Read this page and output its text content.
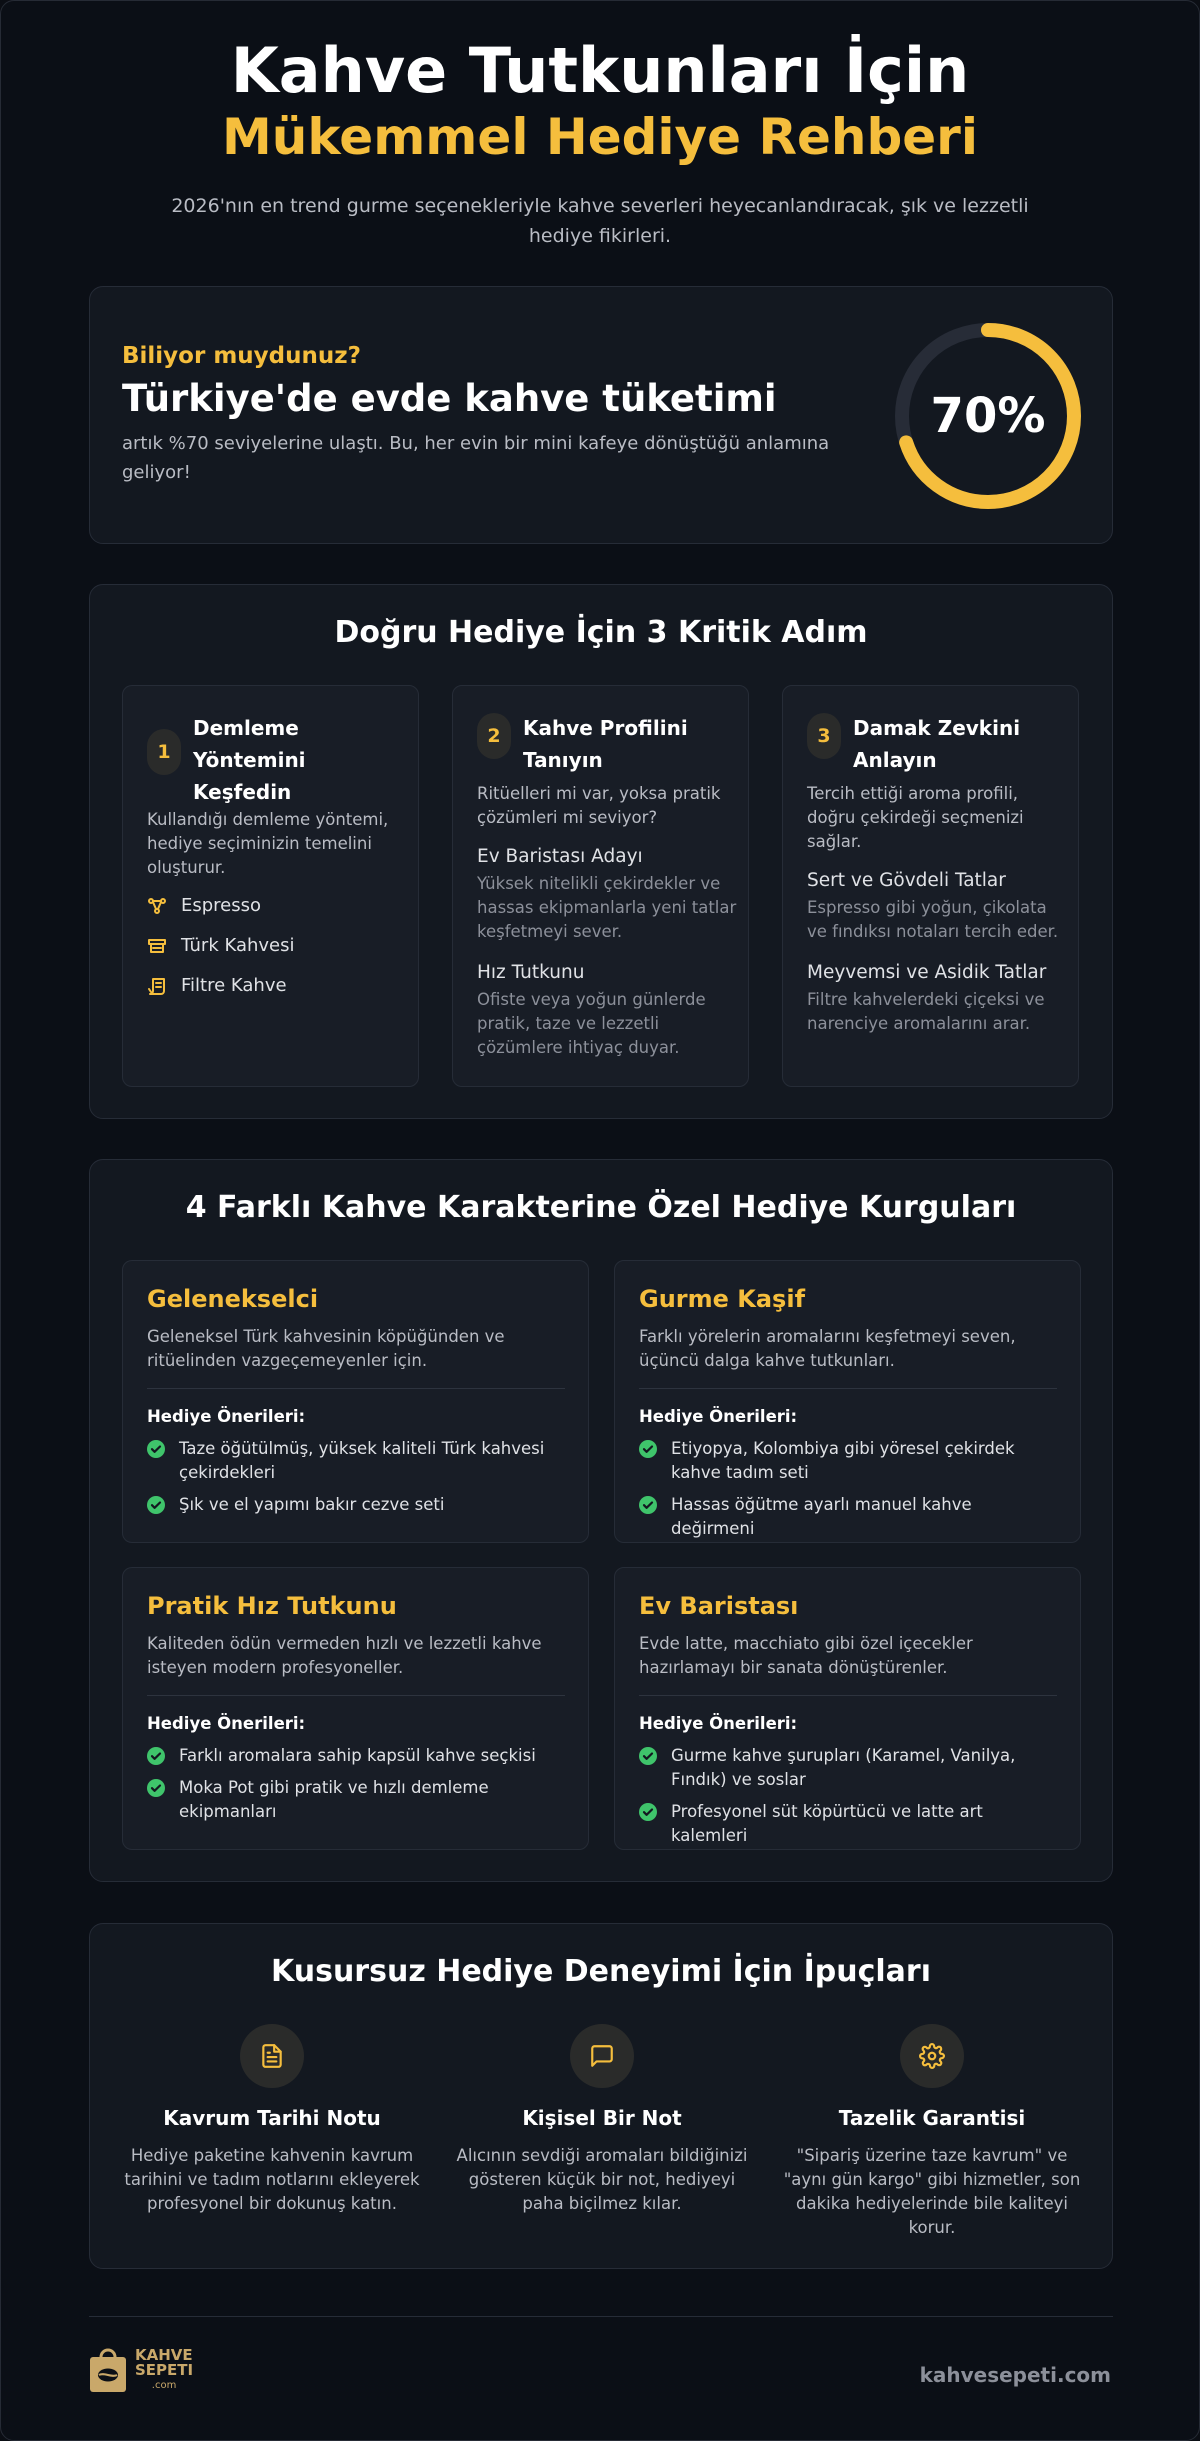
Kahve Tutkunları İçin
Mükemmel Hediye Rehberi

2026'nın en trend gurme seçenekleriyle kahve severleri heyecanlandıracak, şık ve lezzetli hediye fikirleri.

Biliyor muydunuz?
Türkiye'de evde kahve tüketimi
artık %70 seviyelerine ulaştı. Bu, her evin bir mini kafeye dönüştüğü anlamına geliyor!
70%
Doğru Hediye İçin 3 Kritik Adım
1
Demleme Yöntemini Keşfedin
Kullandığı demleme yöntemi, hediye seçiminizin temelini oluşturur.
Espresso
Türk Kahvesi
Filtre Kahve
2	Kahve Profilini Tanıyın
Ritüelleri mi var, yoksa pratik çözümleri mi seviyor?
Ev Baristası Adayı
Yüksek nitelikli çekirdekler ve hassas ekipmanlarla yeni tatlar keşfetmeyi sever.
Hız Tutkunu
Ofiste veya yoğun günlerde pratik, taze ve lezzetli çözümlere ihtiyaç duyar.
3	Damak Zevkini Anlayın
Tercih ettiği aroma profili, doğru çekirdeği seçmenizi sağlar.
Sert ve Gövdeli Tatlar
Espresso gibi yoğun, çikolata ve fındıksı notaları tercih eder.
Meyvemsi ve Asidik Tatlar
Filtre kahvelerdeki çiçeksi ve narenciye aromalarını arar.
4 Farklı Kahve Karakterine Özel Hediye Kurguları
Gelenekselci
Geleneksel Türk kahvesinin köpüğünden ve ritüelinden vazgeçemeyenler için.
Hediye Önerileri:
Taze öğütülmüş, yüksek kaliteli Türk kahvesi çekirdekleri
Şık ve el yapımı bakır cezve seti
Gurme Kaşif
Farklı yörelerin aromalarını keşfetmeyi seven, üçüncü dalga kahve tutkunları.
Hediye Önerileri:
Etiyopya, Kolombiya gibi yöresel çekirdek kahve tadım seti
Hassas öğütme ayarlı manuel kahve değirmeni
Pratik Hız Tutkunu
Kaliteden ödün vermeden hızlı ve lezzetli kahve isteyen modern profesyoneller.
Hediye Önerileri:
Farklı aromalara sahip kapsül kahve seçkisi
Moka Pot gibi pratik ve hızlı demleme ekipmanları
Ev Baristası
Evde latte, macchiato gibi özel içecekler hazırlamayı bir sanata dönüştürenler.
Hediye Önerileri:
Gurme kahve şurupları (Karamel, Vanilya, Fındık) ve soslar
Profesyonel süt köpürtücü ve latte art kalemleri
Kusursuz Hediye Deneyimi İçin İpuçları
Kavrum Tarihi Notu
Hediye paketine kahvenin kavrum tarihini ve tadım notlarını ekleyerek profesyonel bir dokunuş katın.
Kişisel Bir Not
Alıcının sevdiği aromaları bildiğinizi gösteren küçük bir not, hediyeyi paha biçilmez kılar.
Tazelik Garantisi
"Sipariş üzerine taze kavrum" ve "aynı gün kargo" gibi hizmetler, son dakika hediyelerinde bile kaliteyi korur.
KAHVE
SEPETI
.com	kahvesepeti.com
